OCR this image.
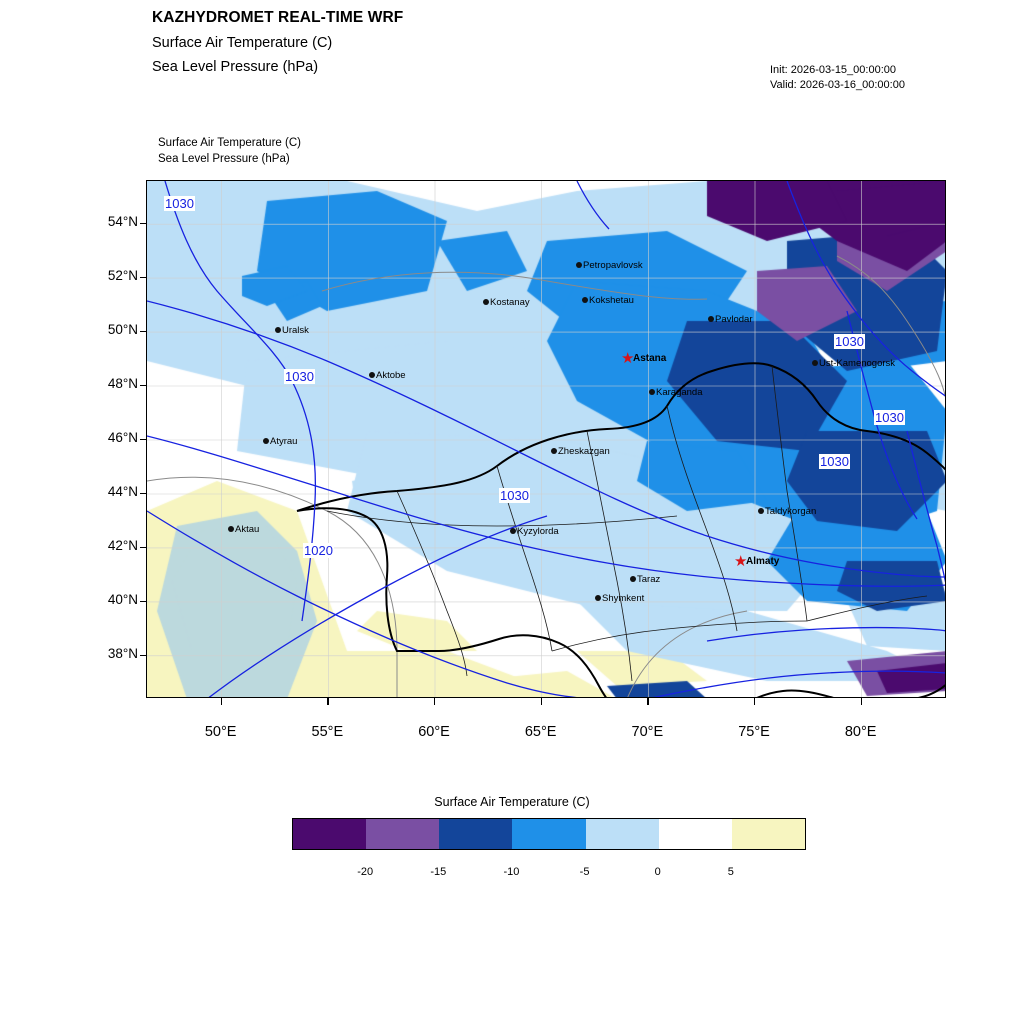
KAZHYDROMET REAL-TIME WRF
Surface Air Temperature (C)
Sea Level Pressure (hPa)	Init: 2026-03-15_00:00:00
Valid: 2026-03-16_00:00:00
Surface Air Temperature (C)
Sea Level Pressure (hPa)
Petropavlovsk
Kostanay	Kokshetau
Uralsk
Pavlodar
Aktobe
★
Astana	Ust-Kamenogorsk
Karaganda
Atyrau
Zheskazgan
Taldykorgan
Aktau	Kyzylorda
★
Almaty
Taraz
Shymkent
1030
1030
1030
1020
1030
1030
1030
54°N
52°N
50°N
48°N
46°N
44°N
42°N
40°N
38°N
50°E	55°E	60°E	65°E	70°E	75°E	80°E
Surface Air Temperature (C)
-20	-15	-10	-5	0	5
